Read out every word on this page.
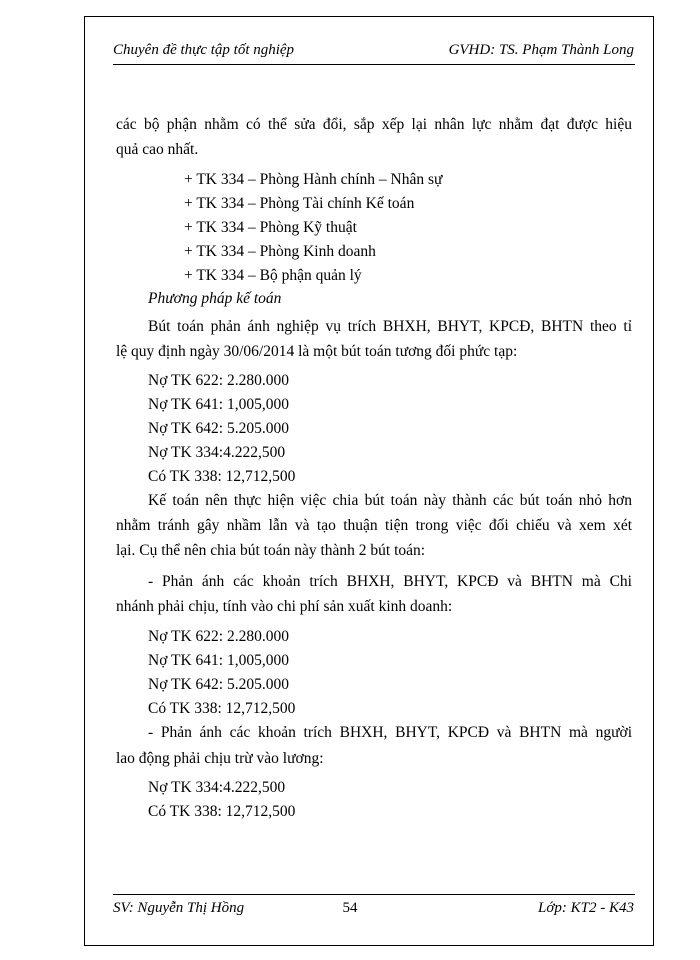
Chuyên đề thực tập tốt nghiệp	GVHD: TS. Phạm Thành Long
các bộ phận nhằm có thể sửa đổi, sắp xếp lại nhân lực nhằm đạt được hiệu
quả cao nhất.
+ TK 334 – Phòng Hành chính – Nhân sự
+ TK 334 – Phòng Tài chính Kế toán
+ TK 334 – Phòng Kỹ thuật
+ TK 334 – Phòng Kinh doanh
+ TK 334 – Bộ phận quản lý
Phương pháp kế toán
Bút toán phản ánh nghiệp vụ trích BHXH, BHYT, KPCĐ, BHTN theo tỉ
lệ quy định ngày 30/06/2014 là một bút toán tương đối phức tạp:
Nợ TK 622: 2.280.000
Nợ TK 641: 1,005,000
Nợ TK 642: 5.205.000
Nợ TK 334:4.222,500
Có TK 338: 12,712,500
Kế toán nên thực hiện việc chia bút toán này thành các bút toán nhỏ hơn
nhằm tránh gây nhầm lẫn và tạo thuận tiện trong việc đối chiếu và xem xét
lại. Cụ thể nên chia bút toán này thành 2 bút toán:
- Phản ánh các khoản trích BHXH, BHYT, KPCĐ và BHTN mà Chi
nhánh phải chịu, tính vào chi phí sản xuất kinh doanh:
Nợ TK 622: 2.280.000
Nợ TK 641: 1,005,000
Nợ TK 642: 5.205.000
Có TK 338: 12,712,500
- Phản ánh các khoản trích BHXH, BHYT, KPCĐ và BHTN mà người
lao động phải chịu trừ vào lương:
Nợ TK 334:4.222,500
Có TK 338: 12,712,500
SV: Nguyễn Thị Hồng	54	Lớp: KT2 - K43
